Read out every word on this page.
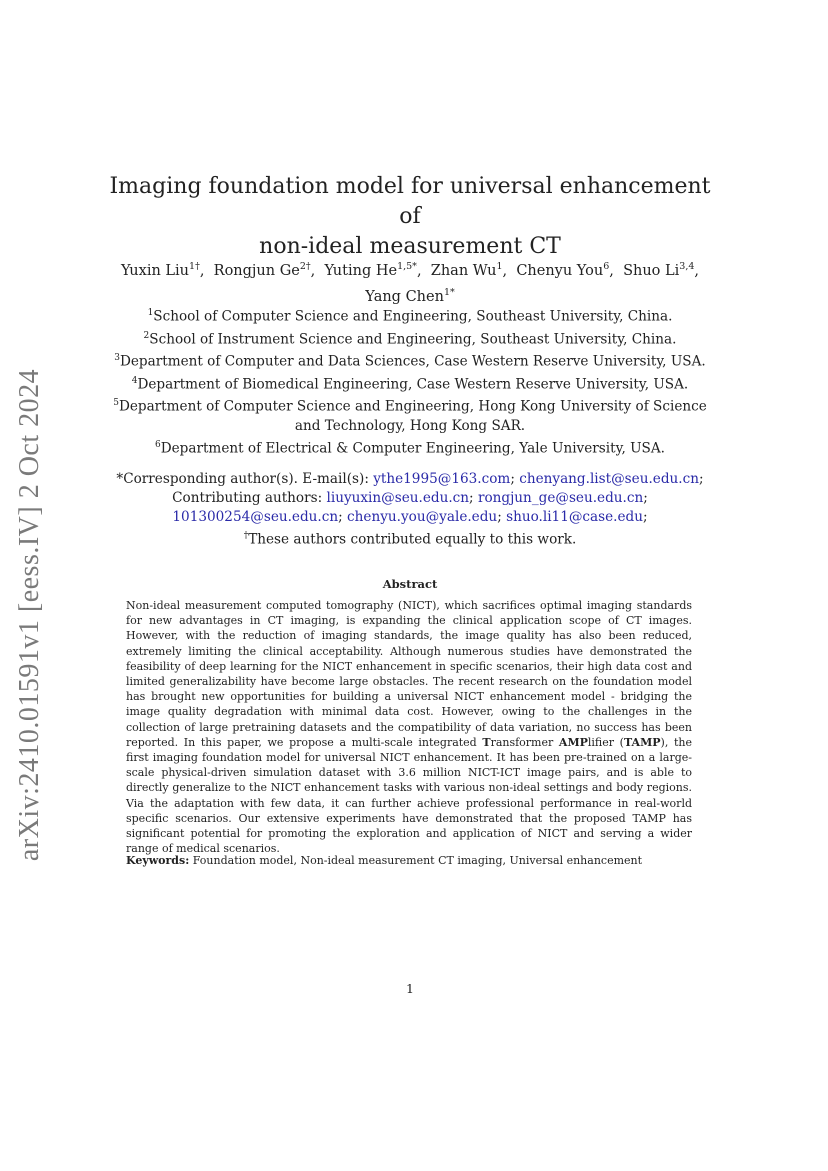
arXiv:2410.01591v1 [eess.IV] 2 Oct 2024
Imaging foundation model for universal enhancement of
non-ideal measurement CT
Yuxin Liu$^{1\dagger}$, Rongjun $Ge^{2\dagger}$, Yuting $He^{1,5*}$, Zhan Wu$^1$, Chenyu You$^6$, Shuo Li$^{3,4}$,
Yang Chen$^{1*}$
$^1$School of Computer Science and Engineering, Southeast University, China.
$^2$School of Instrument Science and Engineering, Southeast University, China.
$^3$Department of Computer and Data Sciences, Case Western Reserve University, USA.
$^4$Department of Biomedical Engineering, Case Western Reserve University, USA.
$^5$Department of Computer Science and Engineering, Hong Kong University of Science and Technology, Hong Kong SAR.
$^6$Department of Electrical & Computer Engineering, Yale University, USA.
*Corresponding author(s). E-mail(s): ythe1995@163.com; chenyang.list@seu.edu.cn;
Contributing authors: liuyuxin@seu.edu.cn; rongjun_ge@seu.edu.cn;
101300254@seu.edu.cn; chenyu.you@yale.edu; shuo.li11@case.edu;
†These authors contributed equally to this work.
Abstract
Non-ideal measurement computed tomography (NICT), which sacrifices optimal imaging standards for new advantages in CT imaging, is expanding the clinical application scope of CT images. However, with the reduction of imaging standards, the image quality has also been reduced, extremely limiting the clinical acceptability. Although numerous studies have demonstrated the feasibility of deep learning for the NICT enhancement in specific scenarios, their high data cost and limited generalizability have become large obstacles. The recent research on the foundation model has brought new opportunities for building a universal NICT enhancement model - bridging the image quality degradation with minimal data cost. However, owing to the challenges in the collection of large pretraining datasets and the compatibility of data variation, no success has been reported. In this paper, we propose a multi-scale integrated Transformer AMPlifier (TAMP), the first imaging foundation model for universal NICT enhancement. It has been pre-trained on a large-scale physical-driven simulation dataset with 3.6 million NICT-ICT image pairs, and is able to directly generalize to the NICT enhancement tasks with various non-ideal settings and body regions. Via the adaptation with few data, it can further achieve professional performance in real-world specific scenarios. Our extensive experiments have demonstrated that the proposed TAMP has significant potential for promoting the exploration and application of NICT and serving a wider range of medical scenarios.
Keywords: Foundation model, Non-ideal measurement CT imaging, Universal enhancement
1
